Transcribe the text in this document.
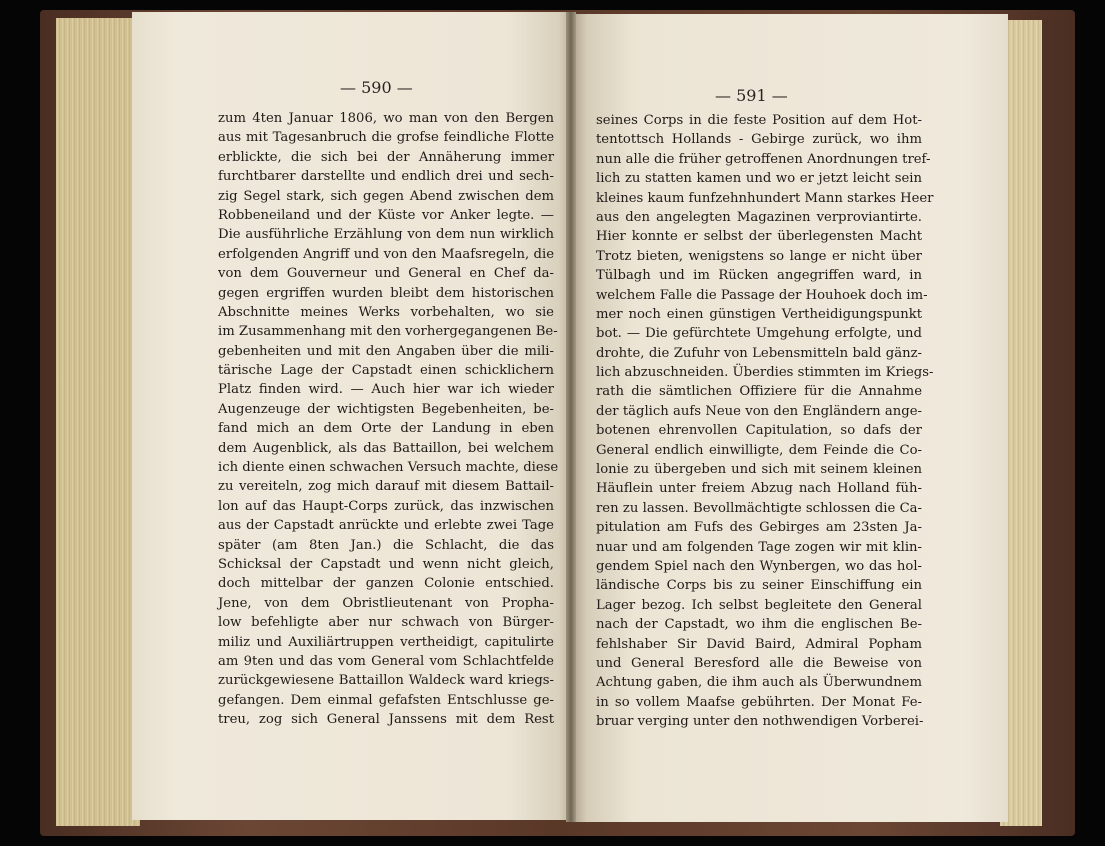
— 590 —	— 591 —
zum 4ten Januar 1806, wo man von den Bergen
aus mit Tagesanbruch die grofse feindliche Flotte
erblickte, die sich bei der Annäherung immer
furchtbarer darstellte und endlich drei und sech-
zig Segel stark, sich gegen Abend zwischen dem
Robbeneiland und der Küste vor Anker legte. —
Die ausführliche Erzählung von dem nun wirklich
erfolgenden Angriff und von den Maafsregeln, die
von dem Gouverneur und General en Chef da-
gegen ergriffen wurden bleibt dem historischen
Abschnitte meines Werks vorbehalten, wo sie
im Zusammenhang mit den vorhergegangenen Be-
gebenheiten und mit den Angaben über die mili-
tärische Lage der Capstadt einen schicklichern
Platz finden wird. — Auch hier war ich wieder
Augenzeuge der wichtigsten Begebenheiten, be-
fand mich an dem Orte der Landung in eben
dem Augenblick, als das Battaillon, bei welchem
ich diente einen schwachen Versuch machte, diese
zu vereiteln, zog mich darauf mit diesem Battail-
lon auf das Haupt-Corps zurück, das inzwischen
aus der Capstadt anrückte und erlebte zwei Tage
später (am 8ten Jan.) die Schlacht, die das
Schicksal der Capstadt und wenn nicht gleich,
doch mittelbar der ganzen Colonie entschied.
Jene, von dem Obristlieutenant von Propha-
low befehligte aber nur schwach von Bürger-
miliz und Auxiliärtruppen vertheidigt, capitulirte
am 9ten und das vom General vom Schlachtfelde
zurückgewiesene Battaillon Waldeck ward kriegs-
gefangen. Dem einmal gefafsten Entschlusse ge-
treu, zog sich General Janssens mit dem Rest
seines Corps in die feste Position auf dem Hot-
tentottsch Hollands - Gebirge zurück, wo ihm
nun alle die früher getroffenen Anordnungen tref-
lich zu statten kamen und wo er jetzt leicht sein
kleines kaum funfzehnhundert Mann starkes Heer
aus den angelegten Magazinen verproviantirte.
Hier konnte er selbst der überlegensten Macht
Trotz bieten, wenigstens so lange er nicht über
Tülbagh und im Rücken angegriffen ward, in
welchem Falle die Passage der Houhoek doch im-
mer noch einen günstigen Vertheidigungspunkt
bot. — Die gefürchtete Umgehung erfolgte, und
drohte, die Zufuhr von Lebensmitteln bald gänz-
lich abzuschneiden. Überdies stimmten im Kriegs-
rath die sämtlichen Offiziere für die Annahme
der täglich aufs Neue von den Engländern ange-
botenen ehrenvollen Capitulation, so dafs der
General endlich einwilligte, dem Feinde die Co-
lonie zu übergeben und sich mit seinem kleinen
Häuflein unter freiem Abzug nach Holland füh-
ren zu lassen. Bevollmächtigte schlossen die Ca-
pitulation am Fufs des Gebirges am 23sten Ja-
nuar und am folgenden Tage zogen wir mit klin-
gendem Spiel nach den Wynbergen, wo das hol-
ländische Corps bis zu seiner Einschiffung ein
Lager bezog. Ich selbst begleitete den General
nach der Capstadt, wo ihm die englischen Be-
fehlshaber Sir David Baird, Admiral Popham
und General Beresford alle die Beweise von
Achtung gaben, die ihm auch als Überwundnem
in so vollem Maafse gebührten. Der Monat Fe-
bruar verging unter den nothwendigen Vorberei-
